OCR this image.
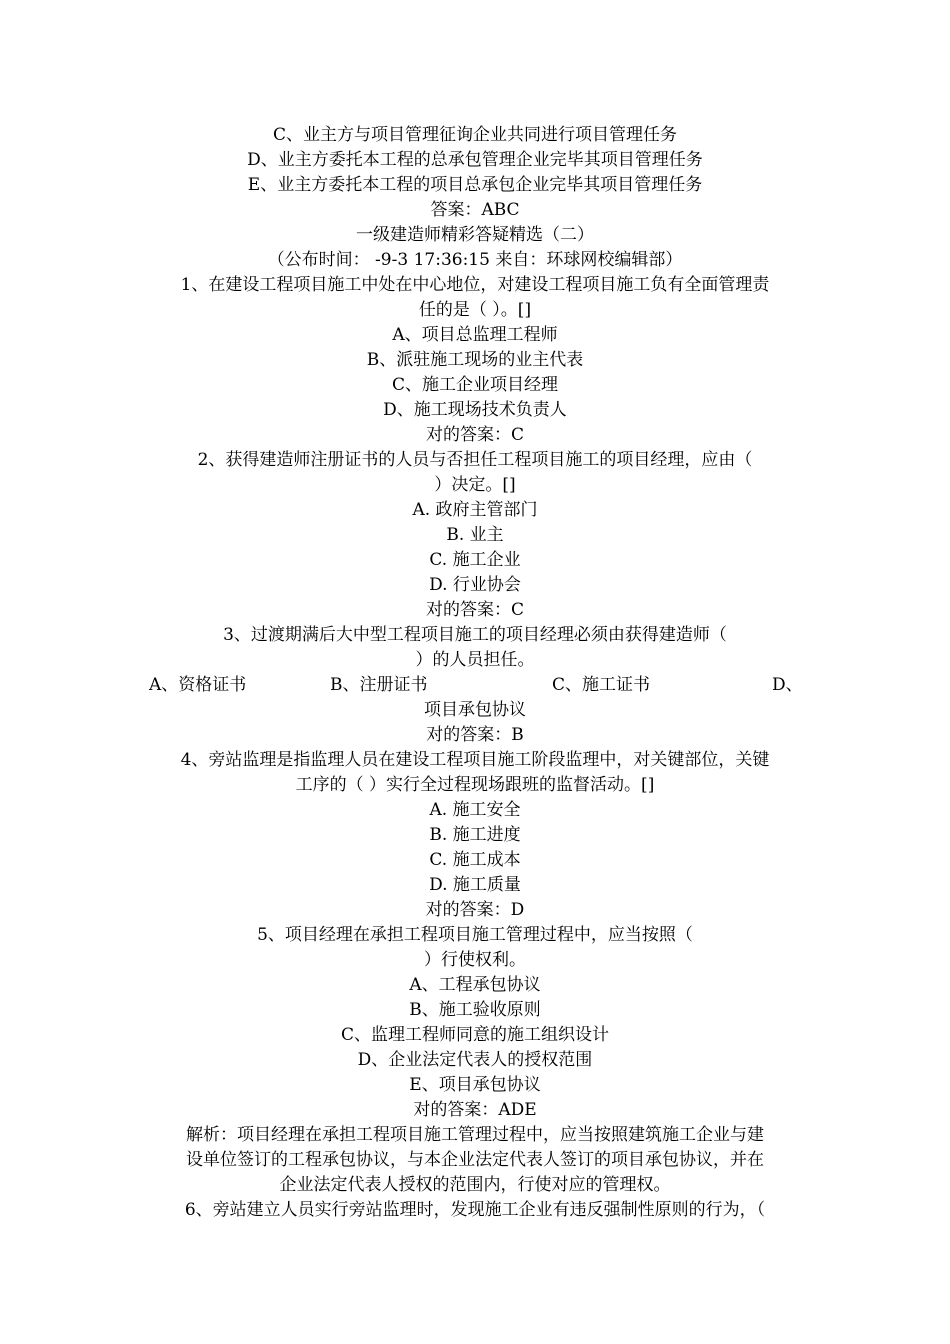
C、业主方与项目管理征询企业共同进行项目管理任务
D、业主方委托本工程的总承包管理企业完毕其项目管理任务
E、业主方委托本工程的项目总承包企业完毕其项目管理任务
答案：ABC
一级建造师精彩答疑精选（二）
（公布时间： -9-3 17:36:15 来自：环球网校编辑部）
1、在建设工程项目施工中处在中心地位，对建设工程项目施工负有全面管理责
任的是（ ）。[]
A、项目总监理工程师
B、派驻施工现场的业主代表
C、施工企业项目经理
D、施工现场技术负责人
对的答案：C
2、获得建造师注册证书的人员与否担任工程项目施工的项目经理，应由（
）决定。[]
A. 政府主管部门
B. 业主
C. 施工企业
D. 行业协会
对的答案：C
3、过渡期满后大中型工程项目施工的项目经理必须由获得建造师（
）的人员担任。
A、资格证书	B、注册证书	C、施工证书	D、
项目承包协议
对的答案：B
4、旁站监理是指监理人员在建设工程项目施工阶段监理中，对关键部位，关键
工序的（ ）实行全过程现场跟班的监督活动。[]
A. 施工安全
B. 施工进度
C. 施工成本
D. 施工质量
对的答案：D
5、项目经理在承担工程项目施工管理过程中，应当按照（
）行使权利。
A、工程承包协议
B、施工验收原则
C、监理工程师同意的施工组织设计
D、企业法定代表人的授权范围
E、项目承包协议
对的答案：ADE
解析：项目经理在承担工程项目施工管理过程中，应当按照建筑施工企业与建
设单位签订的工程承包协议，与本企业法定代表人签订的项目承包协议，并在
企业法定代表人授权的范围内，行使对应的管理权。
6、旁站建立人员实行旁站监理时，发现施工企业有违反强制性原则的行为，（
